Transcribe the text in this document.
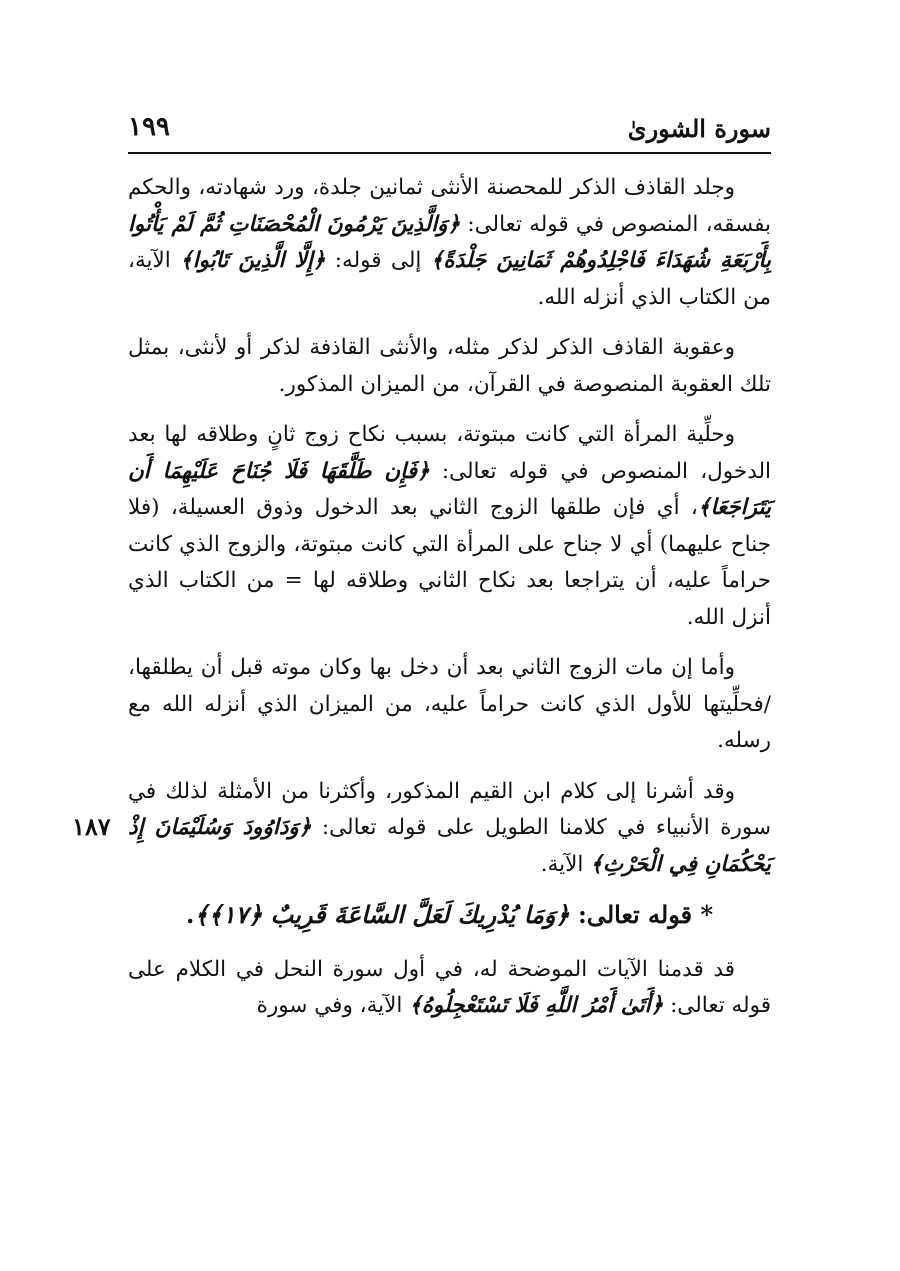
سورة الشورىٰ
١٩٩
١٨٧

وجلد القاذف الذكر للمحصنة الأنثى ثمانين جلدة، ورد شهادته، والحكم بفسقه، المنصوص في قوله تعالى: ﴿وَالَّذِينَ يَرْمُونَ الْمُحْصَنَاتِ ثُمَّ لَمْ يَأْتُوا بِأَرْبَعَةِ شُهَدَاءَ فَاجْلِدُوهُمْ ثَمَانِينَ جَلْدَةً﴾ إلى قوله: ﴿إِلَّا الَّذِينَ تَابُوا﴾ الآية، من الكتاب الذي أنزله الله.

وعقوبة القاذف الذكر لذكر مثله، والأنثى القاذفة لذكر أو لأنثى، بمثل تلك العقوبة المنصوصة في القرآن، من الميزان المذكور.

وحلِّية المرأة التي كانت مبتوتة، بسبب نكاح زوج ثانٍ وطلاقه لها بعد الدخول، المنصوص في قوله تعالى: ﴿فَإِن طَلَّقَهَا فَلَا جُنَاحَ عَلَيْهِمَا أَن يَتَرَاجَعَا﴾، أي فإن طلقها الزوج الثاني بعد الدخول وذوق العسيلة، (فلا جناح عليهما) أي لا جناح على المرأة التي كانت مبتوتة، والزوج الذي كانت حراماً عليه، أن يتراجعا بعد نكاح الثاني وطلاقه لها = من الكتاب الذي أنزل الله.

وأما إن مات الزوج الثاني بعد أن دخل بها وكان موته قبل أن يطلقها، /فحلِّيتها للأول الذي كانت حراماً عليه، من الميزان الذي أنزله الله مع رسله.

وقد أشرنا إلى كلام ابن القيم المذكور، وأكثرنا من الأمثلة لذلك في سورة الأنبياء في كلامنا الطويل على قوله تعالى: ﴿وَدَاوُودَ وَسُلَيْمَانَ إِذْ يَحْكُمَانِ فِي الْحَرْثِ﴾ الآية.

* قوله تعالى: ﴿وَمَا يُدْرِيكَ لَعَلَّ السَّاعَةَ قَرِيبٌ ﴿١٧﴾﴾.

قد قدمنا الآيات الموضحة له، في أول سورة النحل في الكلام على قوله تعالى: ﴿أَتَىٰ أَمْرُ اللَّهِ فَلَا تَسْتَعْجِلُوهُ﴾ الآية، وفي سورة
